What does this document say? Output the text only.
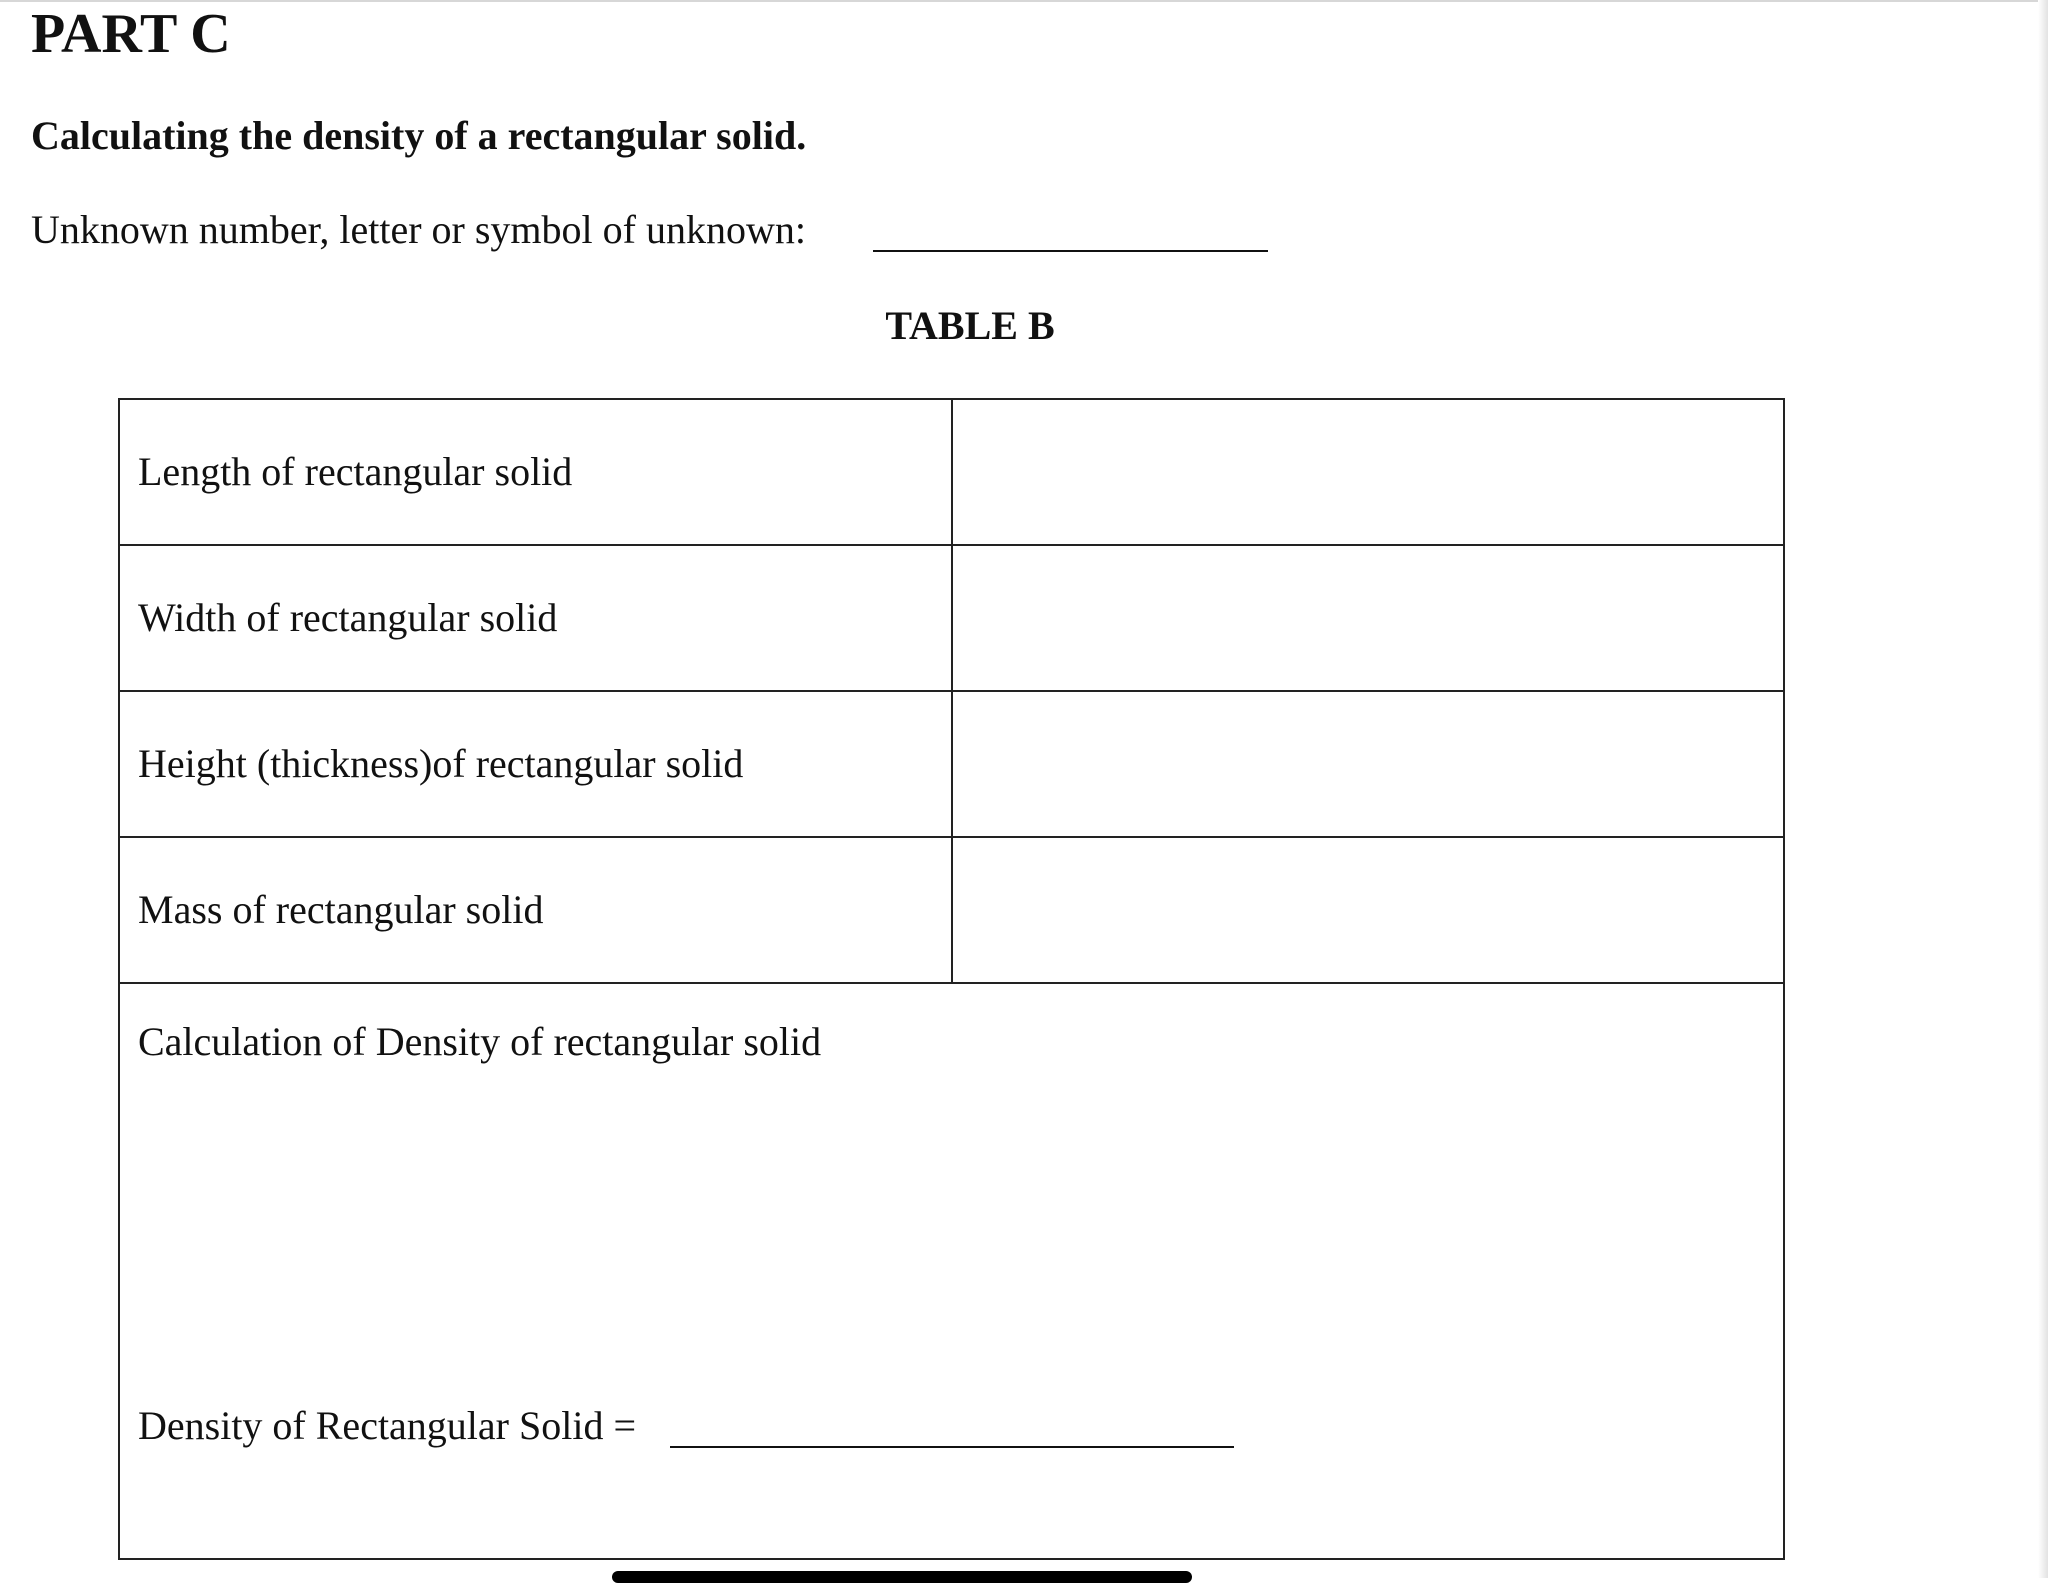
PART C

Calculating the density of a rectangular solid.

Unknown number, letter or symbol of unknown:
TABLE B
Length of rectangular solid
Width of rectangular solid
Height (thickness)of rectangular solid
Mass of rectangular solid
Calculation of Density of rectangular solid
Density of Rectangular Solid =
